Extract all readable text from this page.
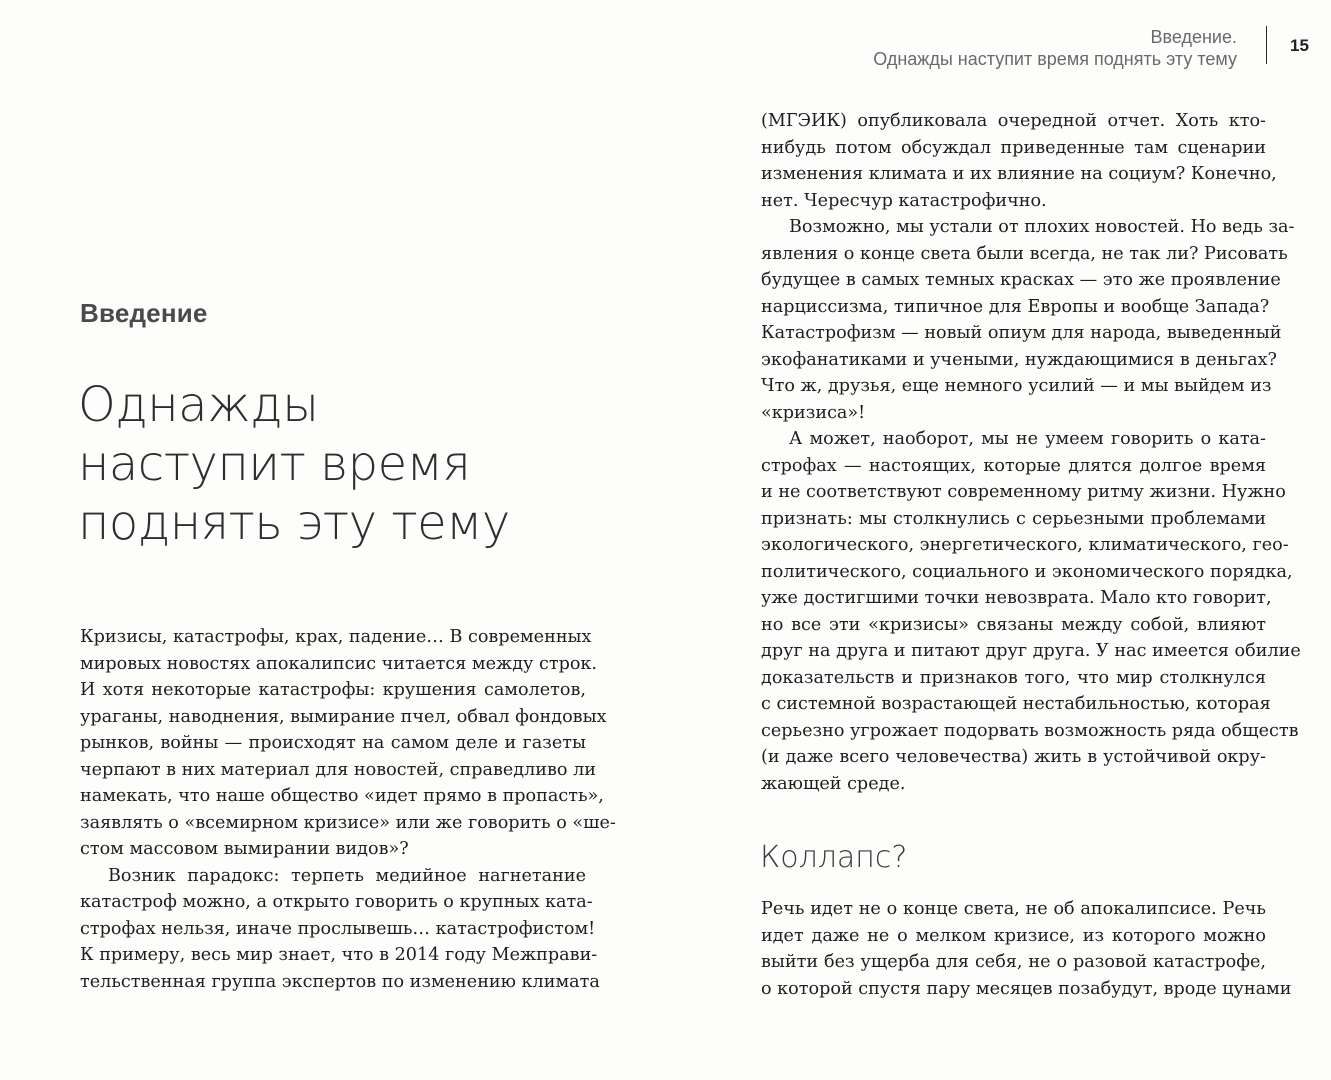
Введение.
Однажды наступит время поднять эту тему
15
Введение
Однажды
наступит время
поднять эту тему
Кризисы, катастрофы, крах, падение… В современных
мировых новостях апокалипсис читается между строк.
И хотя некоторые катастрофы: крушения самолетов,
ураганы, наводнения, вымирание пчел, обвал фондовых
рынков, войны — происходят на самом деле и газеты
черпают в них материал для новостей, справедливо ли
намекать, что наше общество «идет прямо в пропасть»,
заявлять о «всемирном кризисе» или же говорить о «ше-
стом массовом вымирании видов»?
Возник парадокс: терпеть медийное нагнетание
катастроф можно, а открыто говорить о крупных ката-
строфах нельзя, иначе прослывешь… катастрофистом!
К примеру, весь мир знает, что в 2014 году Межправи-
тельственная группа экспертов по изменению климата
(МГЭИК) опубликовала очередной отчет. Хоть кто-
нибудь потом обсуждал приведенные там сценарии
изменения климата и их влияние на социум? Конечно,
нет. Чересчур катастрофично.
Возможно, мы устали от плохих новостей. Но ведь за-
явления о конце света были всегда, не так ли? Рисовать
будущее в самых темных красках — это же проявление
нарциссизма, типичное для Европы и вообще Запада?
Катастрофизм — новый опиум для народа, выведенный
экофанатиками и учеными, нуждающимися в деньгах?
Что ж, друзья, еще немного усилий — и мы выйдем из
«кризиса»!
А может, наоборот, мы не умеем говорить о ката-
строфах — настоящих, которые длятся долгое время
и не соответствуют современному ритму жизни. Нужно
признать: мы столкнулись с серьезными проблемами
экологического, энергетического, климатического, гео-
политического, социального и экономического порядка,
уже достигшими точки невозврата. Мало кто говорит,
но все эти «кризисы» связаны между собой, влияют
друг на друга и питают друг друга. У нас имеется обилие
доказательств и признаков того, что мир столкнулся
с системной возрастающей нестабильностью, которая
серьезно угрожает подорвать возможность ряда обществ
(и даже всего человечества) жить в устойчивой окру-
жающей среде.
Коллапс?
Речь идет не о конце света, не об апокалипсисе. Речь
идет даже не о мелком кризисе, из которого можно
выйти без ущерба для себя, не о разовой катастрофе,
о которой спустя пару месяцев позабудут, вроде цунами
